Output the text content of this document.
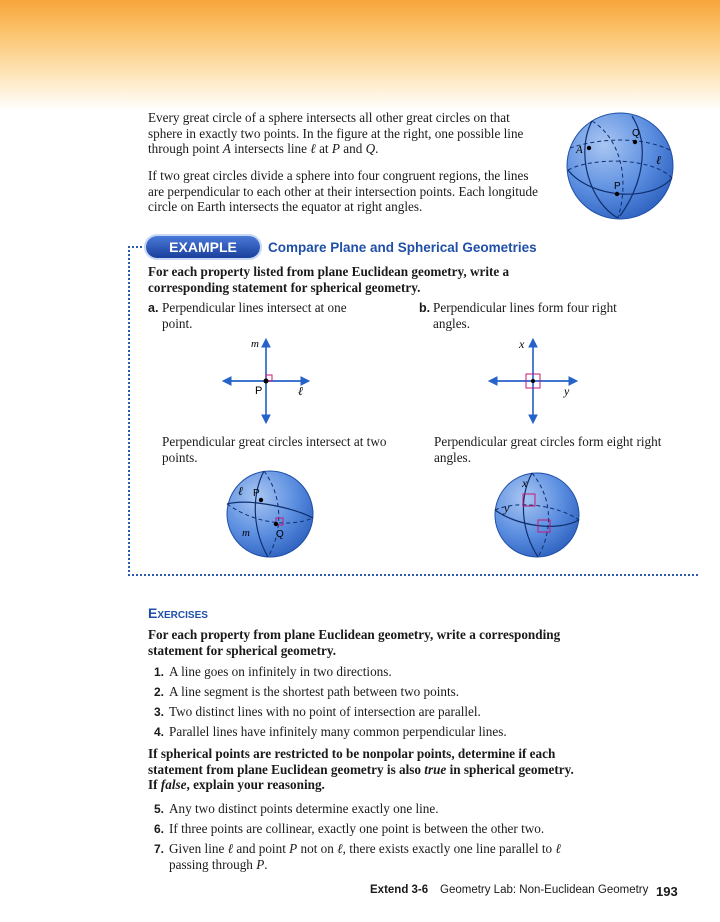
Every great circle of a sphere intersects all other great circles on that sphere in exactly two points. In the figure at the right, one possible line through point A intersects line ℓ at P and Q.

If two great circles divide a sphere into four congruent regions, the lines are perpendicular to each other at their intersection points. Each longitude circle on Earth intersects the equator at right angles.

A
Q
ℓ
P
EXAMPLE	Compare Plane and Spherical Geometries

For each property listed from plane Euclidean geometry, write a corresponding statement for spherical geometry.

a. Perpendicular lines intersect at one point.
b. Perpendicular lines form four right angles.
m
P	ℓ
x
y

Perpendicular great circles intersect at two points.

Perpendicular great circles form eight right angles.

ℓ P
m	Q
x
y
Exercises

For each property from plane Euclidean geometry, write a corresponding statement for spherical geometry.

1. A line goes on infinitely in two directions.
2. A line segment is the shortest path between two points.
3. Two distinct lines with no point of intersection are parallel.
4. Parallel lines have infinitely many common perpendicular lines.

If spherical points are restricted to be nonpolar points, determine if each statement from plane Euclidean geometry is also true in spherical geometry. If false, explain your reasoning.

5. Any two distinct points determine exactly one line.
6. If three points are collinear, exactly one point is between the other two.
7. Given line ℓ and point P not on ℓ, there exists exactly one line parallel to ℓ
passing through P.
Extend 3-6 Geometry Lab: Non-Euclidean Geometry 193
